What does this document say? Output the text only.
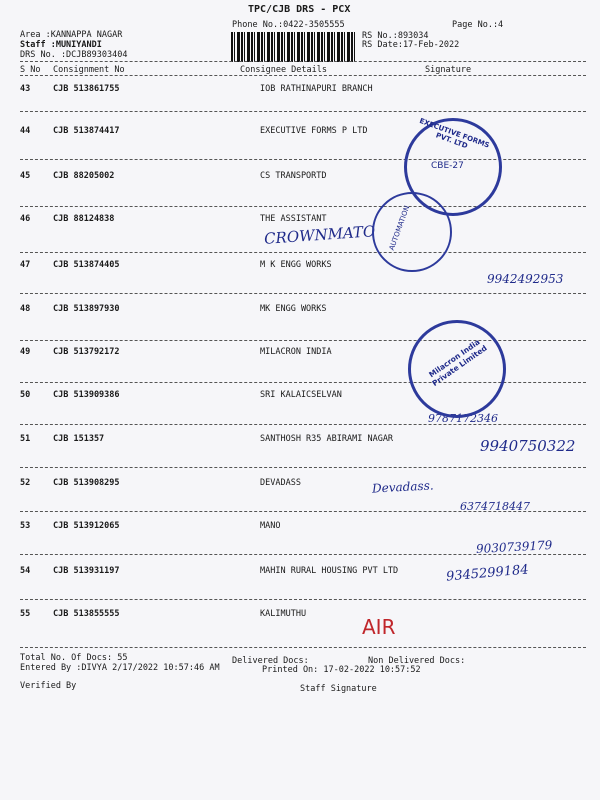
TPC/CJB DRS - PCX
Phone No.:0422-3505555
RS No.:893034
RS Date:17-Feb-2022
Page No.:4
Area :KANNAPPA NAGAR
Staff :MUNIYANDI
DRS No. :DCJB89303404
S No Consignment No	Consignee Details	Signature
43	CJB 513861755	IOB RATHINAPURI BRANCH
44	CJB 513874417	EXECUTIVE FORMS P LTD
45	CJB 88205002	CS TRANSPORTD
46	CJB 88124838	THE ASSISTANT
47	CJB 513874405	M K ENGG WORKS
48	CJB 513897930	MK ENGG WORKS
49	CJB 513792172	MILACRON INDIA
50	CJB 513909386	SRI KALAICSELVAN
51	CJB 151357	SANTHOSH R35 ABIRAMI NAGAR
52	CJB 513908295	DEVADASS
53	CJB 513912065	MANO
54	CJB 513931197	MAHIN RURAL HOUSING PVT LTD
55	CJB 513855555	KALIMUTHU
CROWNMATO
9942492953
9787172346
9940750322
Devadass.
6374718447
9030739179
9345299184
AIR
EXECUTIVE FORMS PVT. LTD
CBE-27
AUTOMATION
Milacron India Private Limited
Total No. Of Docs: 55	Delivered Docs:	Non Delivered Docs:
Entered By :DIVYA 2/17/2022 10:57:46 AM	Printed On: 17-02-2022 10:57:52
Verified By	Staff Signature
